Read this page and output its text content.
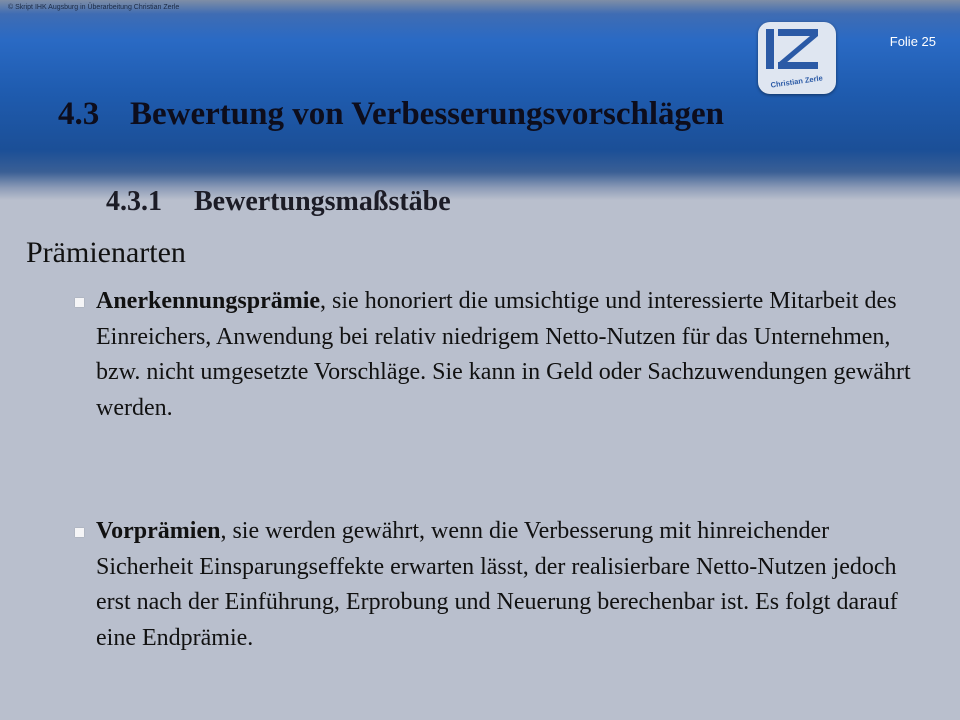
© Skript IHK Augsburg in Überarbeitung Christian Zerle
Folie 25
Christian Zerle
4.3 Bewertung von Verbesserungsvorschlägen
4.3.1 Bewertungsmaßstäbe
Prämienarten
Anerkennungsprämie, sie honoriert die umsichtige und interessierte Mitarbeit des Einreichers, Anwendung bei relativ niedrigem Netto-Nutzen für das Unternehmen, bzw. nicht umgesetzte Vorschläge. Sie kann in Geld oder Sachzuwendungen gewährt werden.
Vorprämien, sie werden gewährt, wenn die Verbesserung mit hinreichender Sicherheit Einsparungseffekte erwarten lässt, der realisierbare Netto-Nutzen jedoch erst nach der Einführung, Erprobung und Neuerung berechenbar ist. Es folgt darauf eine Endprämie.
